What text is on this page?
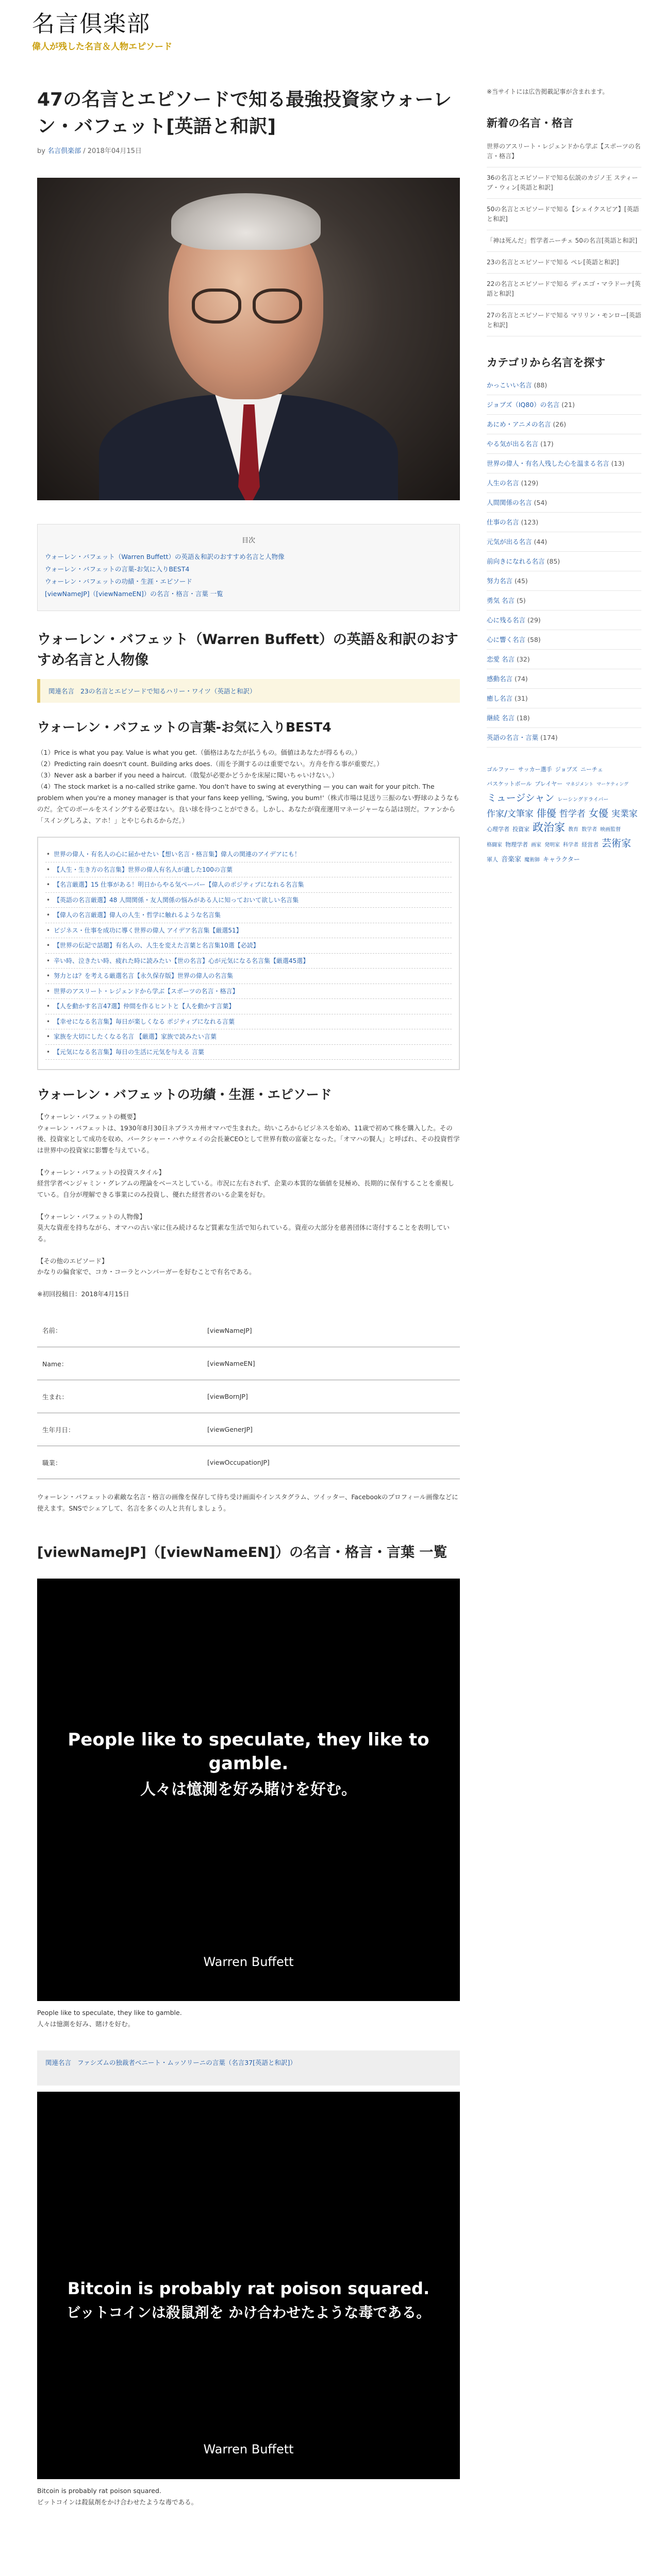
名言倶楽部
偉人が残した名言＆人物エピソード
47の名言とエピソードで知る最強投資家ウォーレン・バフェット[英語と和訳]
by 名言倶楽部 / 2018年04月15日
目次
ウォーレン・バフェット（Warren Buffett）の英語＆和訳のおすすめ名言と人物像
ウォーレン・バフェットの言葉-お気に入りBEST4
ウォーレン・バフェットの功績・生涯・エピソード
[viewNameJP]（[viewNameEN]）の名言・格言・言葉 一覧
ウォーレン・バフェット（Warren Buffett）の英語＆和訳のおすすめ名言と人物像
関連名言 23の名言とエピソードで知るハリー・ワイツ（英語と和訳）
ウォーレン・バフェットの言葉-お気に入りBEST4
（1）Price is what you pay. Value is what you get.（価格はあなたが払うもの。価値はあなたが得るもの。）
（2）Predicting rain doesn't count. Building arks does.（雨を予測するのは重要でない。方舟を作る事が重要だ。）
（3）Never ask a barber if you need a haircut.（散髪が必要かどうかを床屋に聞いちゃいけない。）
（4）The stock market is a no-called strike game. You don't have to swing at everything — you can wait for your pitch. The problem when you're a money manager is that your fans keep yelling, 'Swing, you bum!'（株式市場は見送り三振のない野球のようなものだ。全てのボールをスイングする必要はない。良い球を待つことができる。しかし、あなたが資産運用マネージャーなら話は別だ。ファンから「スイングしろよ、アホ！」とやじられるからだ。）
• 世界の偉人・有名人の心に届かせたい【想い名言・格言集】偉人の関連のアイデアにも！
• 【人生・生き方の名言集】世界の偉人有名人が遺した100の言葉
• 【名言厳選】15 仕事がある！明日からやる気ペーパー【偉人のポジティブになれる名言集
• 【英語の名言厳選】48 人間関係・友人関係の悩みがある人に知っておいて欲しい名言集
• 【偉人の名言厳選】偉人の人生・哲学に触れるような名言集
• ビジネス・仕事を成功に導く世界の偉人 アイデア名言集【厳選51】
• 【世界の伝記で話題】有名人の、人生を変えた言葉と名言集10選【必読】
• 辛い時、泣きたい時、疲れた時に読みたい【世の名言】心が元気になる名言集【厳選45選】
• 努力とは？を考える厳選名言【永久保存版】世界の偉人の名言集
• 世界のアスリート・レジェンドから学ぶ【スポーツの名言・格言】
• 【人を動かす名言47選】仲間を作るヒントと【人を動かす言葉】
• 【幸せになる名言集】毎日が楽しくなる ポジティブになれる言葉
• 家族を大切にしたくなる名言 【厳選】家族で読みたい言葉
• 【元気になる名言集】毎日の生活に元気を与える 言葉
ウォーレン・バフェットの功績・生涯・エピソード

【ウォーレン・バフェットの概要】

ウォーレン・バフェットは、1930年8月30日ネブラスカ州オマハで生まれた。幼いころからビジネスを始め、11歳で初めて株を購入した。その後、投資家として成功を収め、バークシャー・ハサウェイの会長兼CEOとして世界有数の富豪となった。「オマハの賢人」と呼ばれ、その投資哲学は世界中の投資家に影響を与えている。

【ウォーレン・バフェットの投資スタイル】

経営学者ベンジャミン・グレアムの理論をベースとしている。市況に左右されず、企業の本質的な価値を見極め、長期的に保有することを重視している。自分が理解できる事業にのみ投資し、優れた経営者のいる企業を好む。

【ウォーレン・バフェットの人物像】

莫大な資産を持ちながら、オマハの古い家に住み続けるなど質素な生活で知られている。資産の大部分を慈善団体に寄付することを表明している。

【その他のエピソード】

かなりの偏食家で、コカ・コーラとハンバーガーを好むことで有名である。

※初回投稿日：2018年4月15日

名前：	[viewNameJP]
Name：	[viewNameEN]
生まれ：	[viewBornJP]
生年月日：	[viewGenerJP]
職業：	[viewOccupationJP]

ウォーレン・バフェットの素敵な名言・格言の画像を保存して待ち受け画面やインスタグラム、ツイッター、Facebookのプロフィール画像などに使えます。SNSでシェアして、名言を多くの人と共有しましょう。

[viewNameJP]（[viewNameEN]）の名言・格言・言葉 一覧
People like to speculate, they like to gamble.
人々は憶測を好み賭けを好む。
Warren Buffett
People like to speculate, they like to gamble.
人々は憶測を好み、賭けを好む。
関連名言 ファシズムの独裁者ベニート・ムッソリーニの言葉（名言37[英語と和訳]）
Bitcoin is probably rat poison squared.
ビットコインは殺鼠剤を かけ合わせたような毒である。
Warren Buffett
Bitcoin is probably rat poison squared.
ビットコインは殺鼠剤をかけ合わせたような毒である。
※当サイトには広告掲載記事が含まれます。
新着の名言・格言
世界のアスリート・レジェンドから学ぶ【スポーツの名言・格言】
36の名言とエピソードで知る伝説のカジノ王 スティーブ・ウィン[英語と和訳]
50の名言とエピソードで知る【シェイクスピア】[英語と和訳]
「神は死んだ」哲学者ニーチェ 50の名言[英語と和訳]
23の名言とエピソードで知る ペレ[英語と和訳]
22の名言とエピソードで知る ディエゴ・マラドーナ[英語と和訳]
27の名言とエピソードで知る マリリン・モンロー[英語と和訳]
カテゴリから名言を探す
かっこいい名言 (88)
ジョブズ（IQ80）の名言 (21)
あにめ・アニメの名言 (26)
やる気が出る名言 (17)
世界の偉人・有名人残した心を温まる名言 (13)
人生の名言 (129)
人間関係の名言 (54)
仕事の名言 (123)
元気が出る名言 (44)
前向きになれる名言 (85)
努力名言 (45)
勇気 名言 (5)
心に残る名言 (29)
心に響く名言 (58)
恋愛 名言 (32)
感動名言 (74)
癒し名言 (31)
継続 名言 (18)
英語の名言・言葉 (174)
ゴルファー サッカー選手 ジョブズ ニーチェバスケットボール プレイヤー マネジメント マーケティングミュージシャン レーシングドライバー作家/文筆家 俳優 哲学者 女優 実業家心理学者 投資家 政治家 教育 数学者 映画監督格闘家 物理学者 画家 発明家 科学者 経営者 芸術家軍人 音楽家 魔術師 キャラクター
